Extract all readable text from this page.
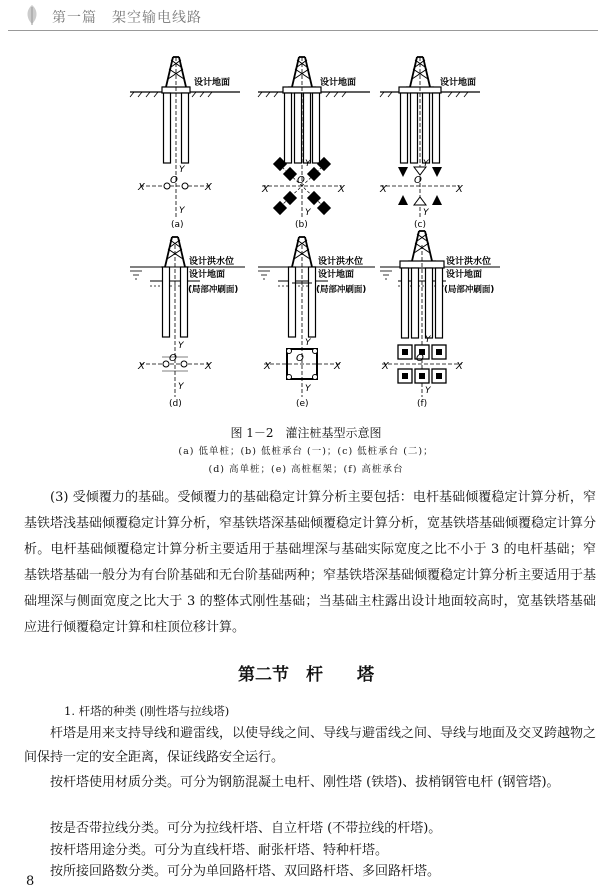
第一篇　架空输电线路
设计地面
X	X
Y
Y
O
(a)
设计地面
X	X
Y
Y
O
(b)
设计地面
X	X
Y
Y
O
(c)
设计洪水位
设计地面
(局部冲刷面)
X	X
Y
Y
O
(d)
设计洪水位
设计地面
(局部冲刷面)
X	X
Y
Y
O
(e)
设计洪水位
设计地面
(局部冲刷面)
X	X
Y
Y
O
(f)
图 1－2　灌注桩基型示意图
(a) 低单桩；(b) 低桩承台 (一)；(c) 低桩承台 (二)；
(d) 高单桩；(e) 高桩框架；(f) 高桩承台
(3) 受倾覆力的基础。受倾覆力的基础稳定计算分析主要包括：电杆基础倾覆稳定计算分析，窄基铁塔浅基础倾覆稳定计算分析，窄基铁塔深基础倾覆稳定计算分析，宽基铁塔基础倾覆稳定计算分析。电杆基础倾覆稳定计算分析主要适用于基础埋深与基础实际宽度之比不小于 3 的电杆基础；窄基铁塔基础一般分为有台阶基础和无台阶基础两种；窄基铁塔深基础倾覆稳定计算分析主要适用于基础埋深与侧面宽度之比大于 3 的整体式刚性基础；当基础主柱露出设计地面较高时，宽基铁塔基础应进行倾覆稳定计算和柱顶位移计算。
第二节　杆　　塔
1. 杆塔的种类 (刚性塔与拉线塔)
杆塔是用来支持导线和避雷线，以使导线之间、导线与避雷线之间、导线与地面及交叉跨越物之间保持一定的安全距离，保证线路安全运行。
按杆塔使用材质分类。可分为钢筋混凝土电杆、刚性塔 (铁塔)、拔梢钢管电杆 (钢管塔)。
按是否带拉线分类。可分为拉线杆塔、自立杆塔 (不带拉线的杆塔)。
按杆塔用途分类。可分为直线杆塔、耐张杆塔、特种杆塔。
按所接回路数分类。可分为单回路杆塔、双回路杆塔、多回路杆塔。
8
